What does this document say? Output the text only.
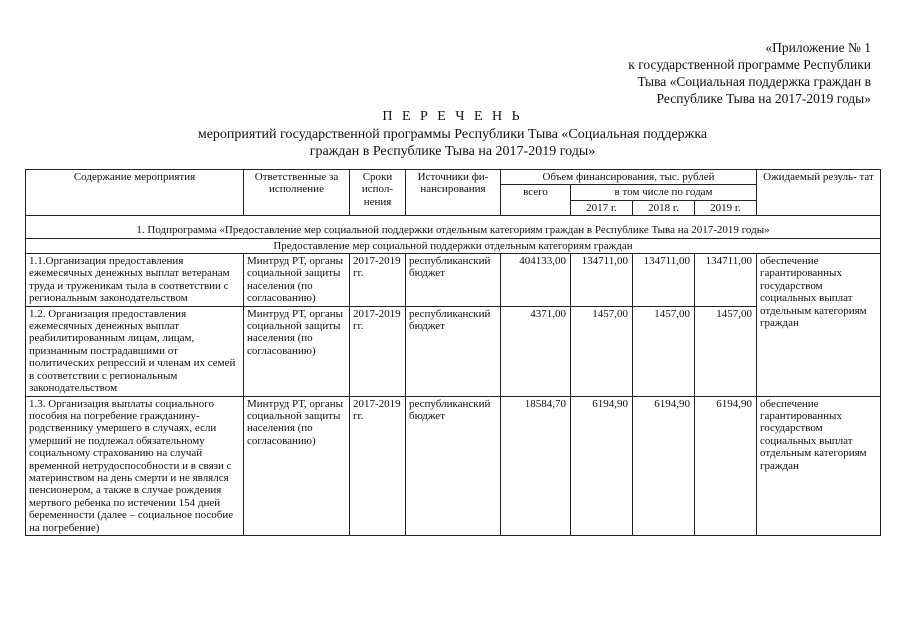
«Приложение № 1
к государственной программе Республики
Тыва «Социальная поддержка граждан в
Республике Тыва на 2017-2019 годы»
П Е Р Е Ч Е Н Ь
мероприятий государственной программы Республики Тыва «Социальная поддержка
граждан в Республике Тыва на 2017-2019 годы»
Содержание мероприятия	Ответственные за исполнение	Сроки испол- нения	Источники фи- нансирования	Объем финансирования, тыс. рублей				Ожидаемый резуль- тат
				всего	в том числе по годам			
					2017 г.	2018 г.	2019 г.	
1. Подпрограмма «Предоставление мер социальной поддержки отдельным категориям граждан в Республике Тыва на 2017-2019 годы»								
Предоставление мер социальной поддержки отдельным категориям граждан								
1.1.Организация предоставления ежемесячных денежных выплат ветеранам труда и труженикам тыла в соответствии с региональным законодательством	Минтруд РТ, органы социальной защиты населения (по согласованию)	2017-2019 гг.	республиканский бюджет	404133,00	134711,00	134711,00	134711,00	обеспечение гарантированных государством социальных выплат отдельным категориям граждан
1.2. Организация предоставления ежемесячных денежных выплат реабилитированным лицам, лицам, признанным пострадавшими от политических репрессий и членам их семей в соответствии с региональным законодательством	Минтруд РТ, органы социальной защиты населения (по согласованию)	2017-2019 гг.	республиканский бюджет	4371,00	1457,00	1457,00	1457,00	
1.3. Организация выплаты социального пособия на погребение гражданину-родственнику умершего в случаях, если умерший не подлежал обязательному социальному страхованию на случай временной нетрудоспособности и в связи с материнством на день смерти и не являлся пенсионером, а также в случае рождения мертвого ребенка по истечении 154 дней беременности (далее – социальное пособие на погребение)	Минтруд РТ, органы социальной защиты населения (по согласованию)	2017-2019 гг.	республиканский бюджет	18584,70	6194,90	6194,90	6194,90	обеспечение гарантированных государством социальных выплат отдельным категориям граждан
